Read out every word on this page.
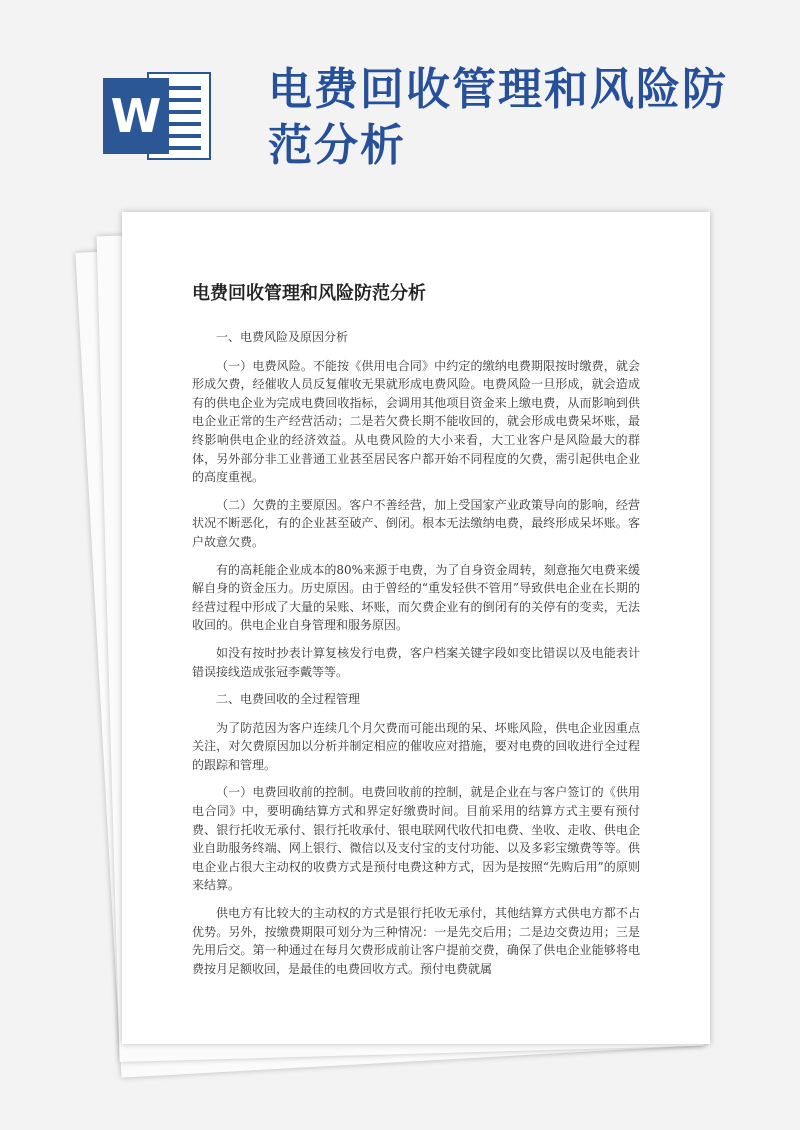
W 电费回收管理和风险防范分析
电费回收管理和风险防范分析

一、电费风险及原因分析

（一）电费风险。不能按《供用电合同》中约定的缴纳电费期限按时缴费，就会形成欠费，经催收人员反复催收无果就形成电费风险。电费风险一旦形成，就会造成有的供电企业为完成电费回收指标，会调用其他项目资金来上缴电费，从而影响到供电企业正常的生产经营活动；二是若欠费长期不能收回的，就会形成电费呆坏账，最终影响供电企业的经济效益。从电费风险的大小来看，大工业客户是风险最大的群体，另外部分非工业普通工业甚至居民客户都开始不同程度的欠费，需引起供电企业的高度重视。

（二）欠费的主要原因。客户不善经营，加上受国家产业政策导向的影响，经营状况不断恶化，有的企业甚至破产、倒闭。根本无法缴纳电费，最终形成呆坏账。客户故意欠费。

有的高耗能企业成本的80%来源于电费，为了自身资金周转，刻意拖欠电费来缓解自身的资金压力。历史原因。由于曾经的“重发轻供不管用”导致供电企业在长期的经营过程中形成了大量的呆账、坏账，而欠费企业有的倒闭有的关停有的变卖，无法收回的。供电企业自身管理和服务原因。

如没有按时抄表计算复核发行电费，客户档案关键字段如变比错误以及电能表计错误接线造成张冠李戴等等。

二、电费回收的全过程管理

为了防范因为客户连续几个月欠费而可能出现的呆、坏账风险，供电企业因重点关注，对欠费原因加以分析并制定相应的催收应对措施，要对电费的回收进行全过程的跟踪和管理。

（一）电费回收前的控制。电费回收前的控制，就是企业在与客户签订的《供用电合同》中，要明确结算方式和界定好缴费时间。目前采用的结算方式主要有预付费、银行托收无承付、银行托收承付、银电联网代收代扣电费、坐收、走收、供电企业自助服务终端、网上银行、微信以及支付宝的支付功能、以及多彩宝缴费等等。供电企业占很大主动权的收费方式是预付电费这种方式，因为是按照“先购后用”的原则来结算。

供电方有比较大的主动权的方式是银行托收无承付，其他结算方式供电方都不占优势。另外，按缴费期限可划分为三种情况：一是先交后用；二是边交费边用；三是先用后交。第一种通过在每月欠费形成前让客户提前交费，确保了供电企业能够将电费按月足额收回，是最佳的电费回收方式。预付电费就属
